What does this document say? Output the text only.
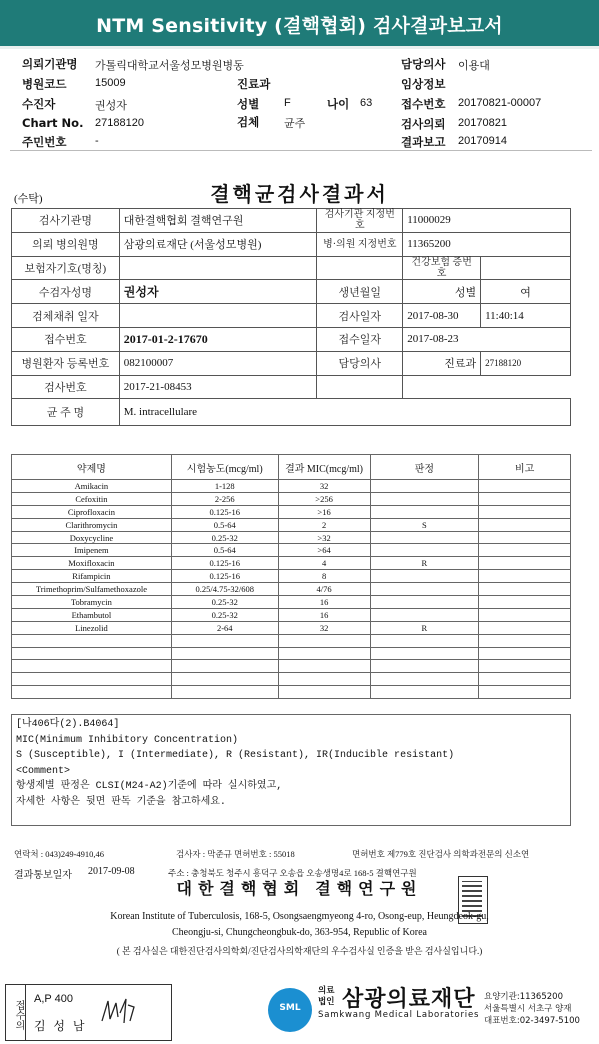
NTM Sensitivity (결핵협회) 검사결과보고서
의뢰기관명 가톨릭대학교서울성모병원병동
병원코드	15009
수진자	권성자
Chart No. 27188120
주민번호	-
진료과
성별 F	나이 63
검체 균주
담당의사 이용대
임상정보
접수번호 20170821-00007
검사의뢰 20170821
결과보고 20170914
(수탁)	결핵균검사결과서
검사기관명	대한결핵협회 결핵연구원	검사기관 지정번호	11000029	
의뢰 병의원명	삼광의료재단 (서울성모병원)	병·의원 지정번호	11365200	
보험자기호(명칭)			건강보험 증번호	
수검자성명	권성자	생년월일	성별	여
검체채취 일자		검사일자	2017-08-30	11:40:14
접수번호	2017-01-2-17670	접수일자	2017-08-23	
병원환자 등록번호	082100007	담당의사	진료과	27188120
검사번호	2017-21-08453			
균 주 명	M. intracellulare			
약제명	시험농도(mcg/ml)	결과 MIC(mcg/ml)	판정	비고
Amikacin	1-128	32		
Cefoxitin	2-256	>256		
Ciprofloxacin	0.125-16	>16		
Clarithromycin	0.5-64	2	S	
Doxycycline	0.25-32	>32		
Imipenem	0.5-64	>64		
Moxifloxacin	0.125-16	4	R	
Rifampicin	0.125-16	8		
Trimethoprim/Sulfamethoxazole	0.25/4.75-32/608	4/76		
Tobramycin	0.25-32	16		
Ethambutol	0.25-32	16		
Linezolid	2-64	32	R	

[나406다(2).B4064]
MIC(Minimum Inhibitory Concentration)
S (Susceptible), I (Intermediate), R (Resistant), IR(Inducible resistant)
<Comment>
항생제별 판정은 CLSI(M24-A2)기준에 따라 실시하였고,
자세한 사항은 뒷면 판독 기준을 참고하세요.
연락처 : 043)249-4910,46	검사자 : 막준규 면허번호 : 55018	면허번호 제779호 진단검사 의학과전문의 신소연
결과통보일자 2017-09-08	주소 : 충청북도 청주시 흥덕구 오송읍 오송생명4로 168-5 결핵연구원
대한결핵협회 결핵연구원
Korean Institute of Tuberculosis, 168-5, Osongsaengmyeong 4-ro, Osong-eup, Heungdeok-gu,
Cheongju-si, Chungcheongbuk-do, 363-954, Republic of Korea
( 본 검사실은 대한진단검사의학회/진단검사의학재단의 우수검사실 인증을 받은 검사실입니다.)
접수의
A,P 400
김 성 남
SML
의료 법인 삼광의료재단
Samkwang Medical Laboratories
요양기관:11365200
서울특별시 서초구 양재
대표번호:02-3497-5100
